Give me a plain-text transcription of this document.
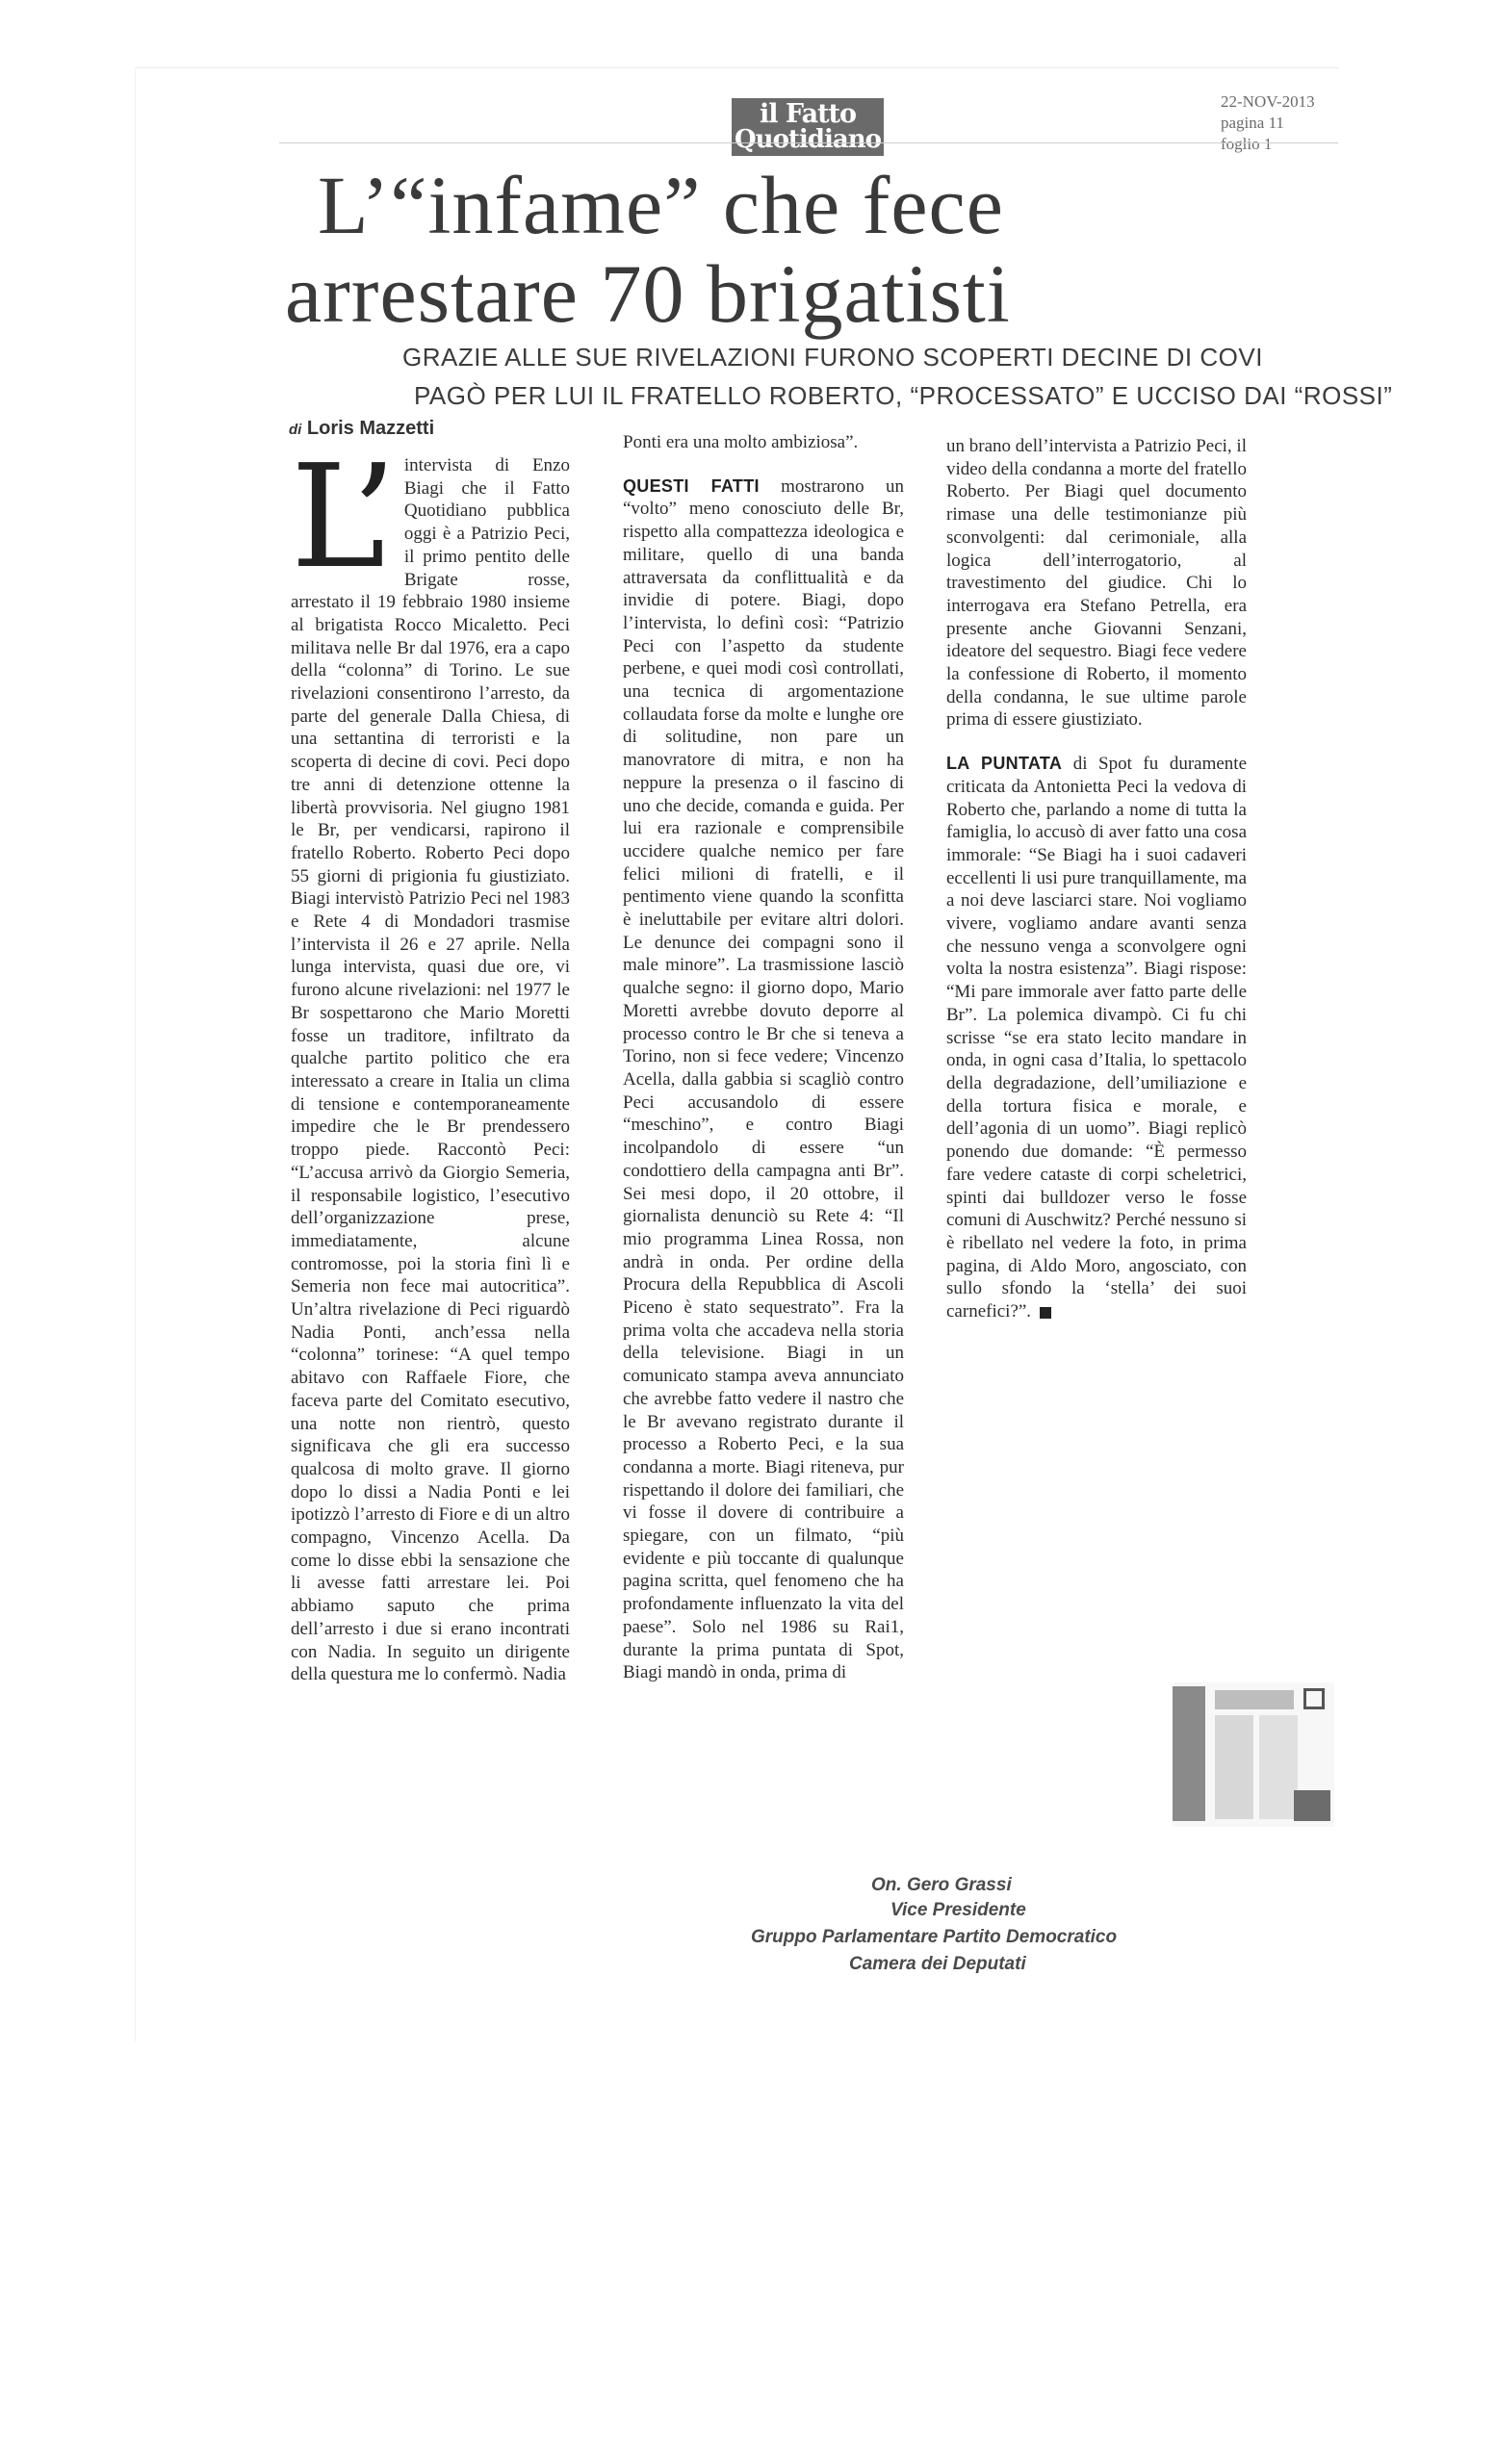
il Fatto
Quotidiano
22-NOV-2013
pagina 11
foglio 1
L’“infame” che fece
arrestare 70 brigatisti
GRAZIE ALLE SUE RIVELAZIONI FURONO SCOPERTI DECINE DI COVI
PAGÒ PER LUI IL FRATELLO ROBERTO, “PROCESSATO” E UCCISO DAI “ROSSI”
di Loris Mazzetti
L’ intervista di Enzo Biagi che il Fatto Quotidiano pubblica oggi è a Patrizio Peci, il primo pentito delle Brigate rosse, arrestato il 19 febbraio 1980 insieme al brigatista Rocco Micaletto. Peci militava nelle Br dal 1976, era a capo della “colonna” di Torino. Le sue rivelazioni consentirono l’arresto, da parte del generale Dalla Chiesa, di una settantina di terroristi e la scoperta di decine di covi. Peci dopo tre anni di detenzione ottenne la libertà provvisoria. Nel giugno 1981 le Br, per vendicarsi, rapirono il fratello Roberto. Roberto Peci dopo 55 giorni di prigionia fu giustiziato. Biagi intervistò Patrizio Peci nel 1983 e Rete 4 di Mondadori trasmise l’intervista il 26 e 27 aprile. Nella lunga intervista, quasi due ore, vi furono alcune rivelazioni: nel 1977 le Br sospettarono che Mario Moretti fosse un traditore, infiltrato da qualche partito politico che era interessato a creare in Italia un clima di tensione e contemporaneamente impedire che le Br prendessero troppo piede. Raccontò Peci: “L’accusa arrivò da Giorgio Semeria, il responsabile logistico, l’esecutivo dell’organizzazione prese, immediatamente, alcune contromosse, poi la storia finì lì e Semeria non fece mai autocritica”. Un’altra rivelazione di Peci riguardò Nadia Ponti, anch’essa nella “colonna” torinese: “A quel tempo abitavo con Raffaele Fiore, che faceva parte del Comitato esecutivo, una notte non rientrò, questo significava che gli era successo qualcosa di molto grave. Il giorno dopo lo dissi a Nadia Ponti e lei ipotizzò l’arresto di Fiore e di un altro compagno, Vincenzo Acella. Da come lo disse ebbi la sensazione che li avesse fatti arrestare lei. Poi abbiamo saputo che prima dell’arresto i due si erano incontrati con Nadia. In seguito un dirigente della questura me lo confermò. Nadia

Ponti era una molto ambiziosa”.

QUESTI FATTI mostrarono un “volto” meno conosciuto delle Br, rispetto alla compattezza ideologica e militare, quello di una banda attraversata da conflittualità e da invidie di potere. Biagi, dopo l’intervista, lo definì così: “Patrizio Peci con l’aspetto da studente perbene, e quei modi così controllati, una tecnica di argomentazione collaudata forse da molte e lunghe ore di solitudine, non pare un manovratore di mitra, e non ha neppure la presenza o il fascino di uno che decide, comanda e guida. Per lui era razionale e comprensibile uccidere qualche nemico per fare felici milioni di fratelli, e il pentimento viene quando la sconfitta è ineluttabile per evitare altri dolori. Le denunce dei compagni sono il male minore”. La trasmissione lasciò qualche segno: il giorno dopo, Mario Moretti avrebbe dovuto deporre al processo contro le Br che si teneva a Torino, non si fece vedere; Vincenzo Acella, dalla gabbia si scagliò contro Peci accusandolo di essere “meschino”, e contro Biagi incolpandolo di essere “un condottiero della campagna anti Br”. Sei mesi dopo, il 20 ottobre, il giornalista denunciò su Rete 4: “Il mio programma Linea Rossa, non andrà in onda. Per ordine della Procura della Repubblica di Ascoli Piceno è stato sequestrato”. Fra la prima volta che accadeva nella storia della televisione. Biagi in un comunicato stampa aveva annunciato che avrebbe fatto vedere il nastro che le Br avevano registrato durante il processo a Roberto Peci, e la sua condanna a morte. Biagi riteneva, pur rispettando il dolore dei familiari, che vi fosse il dovere di contribuire a spiegare, con un filmato, “più evidente e più toccante di qualunque pagina scritta, quel fenomeno che ha profondamente influenzato la vita del paese”. Solo nel 1986 su Rai1, durante la prima puntata di Spot, Biagi mandò in onda, prima di

un brano dell’intervista a Patrizio Peci, il video della condanna a morte del fratello Roberto. Per Biagi quel documento rimase una delle testimonianze più sconvolgenti: dal cerimoniale, alla logica dell’interrogatorio, al travestimento del giudice. Chi lo interrogava era Stefano Petrella, era presente anche Giovanni Senzani, ideatore del sequestro. Biagi fece vedere la confessione di Roberto, il momento della condanna, le sue ultime parole prima di essere giustiziato.

LA PUNTATA di Spot fu duramente criticata da Antonietta Peci la vedova di Roberto che, parlando a nome di tutta la famiglia, lo accusò di aver fatto una cosa immorale: “Se Biagi ha i suoi cadaveri eccellenti li usi pure tranquillamente, ma a noi deve lasciarci stare. Noi vogliamo vivere, vogliamo andare avanti senza che nessuno venga a sconvolgere ogni volta la nostra esistenza”. Biagi rispose: “Mi pare immorale aver fatto parte delle Br”. La polemica divampò. Ci fu chi scrisse “se era stato lecito mandare in onda, in ogni casa d’Italia, lo spettacolo della degradazione, dell’umiliazione e della tortura fisica e morale, e dell’agonia di un uomo”. Biagi replicò ponendo due domande: “È permesso fare vedere cataste di corpi scheletrici, spinti dai bulldozer verso le fosse comuni di Auschwitz? Perché nessuno si è ribellato nel vedere la foto, in prima pagina, di Aldo Moro, angosciato, con sullo sfondo la ‘stella’ dei suoi carnefici?”.

On. Gero Grassi
Vice Presidente
Gruppo Parlamentare Partito Democratico
Camera dei Deputati
